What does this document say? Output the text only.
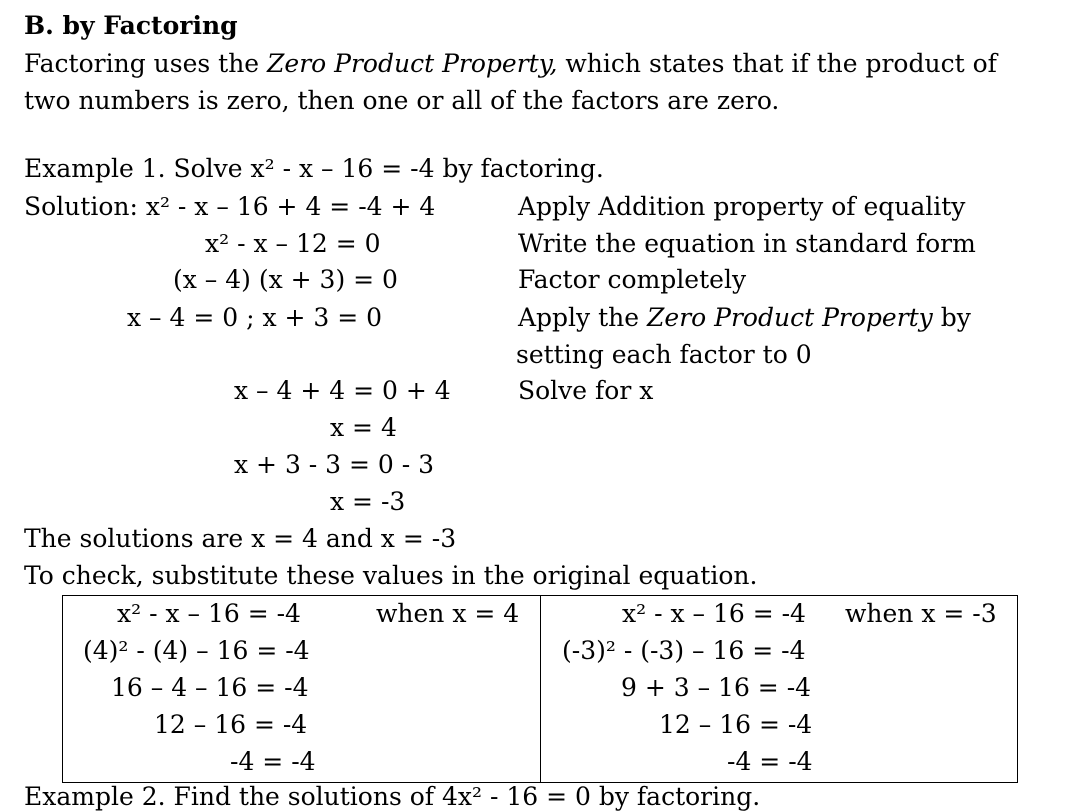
B. by Factoring
Factoring uses the Zero Product Property, which states that if the product of
two numbers is zero, then one or all of the factors are zero.
Example 1. Solve x² - x – 16 = -4 by factoring.
Solution: x² - x – 16 + 4 = -4 + 4
x² - x – 12 = 0
(x – 4) (x + 3) = 0
x – 4 = 0 ; x + 3 = 0
x – 4 + 4 = 0 + 4
x = 4
x + 3 - 3 = 0 - 3
x = -3
Apply Addition property of equality
Write the equation in standard form
Factor completely
Apply the Zero Product Property by
setting each factor to 0
Solve for x
The solutions are x = 4 and x = -3
To check, substitute these values in the original equation.
x² - x – 16 = -4	when x = 4
(4)² - (4) – 16 = -4
16 – 4 – 16 = -4
12 – 16 = -4
-4 = -4
x² - x – 16 = -4 when x = -3
(-3)² - (-3) – 16 = -4
9 + 3 – 16 = -4
12 – 16 = -4
-4 = -4
Example 2. Find the solutions of 4x² - 16 = 0 by factoring.
